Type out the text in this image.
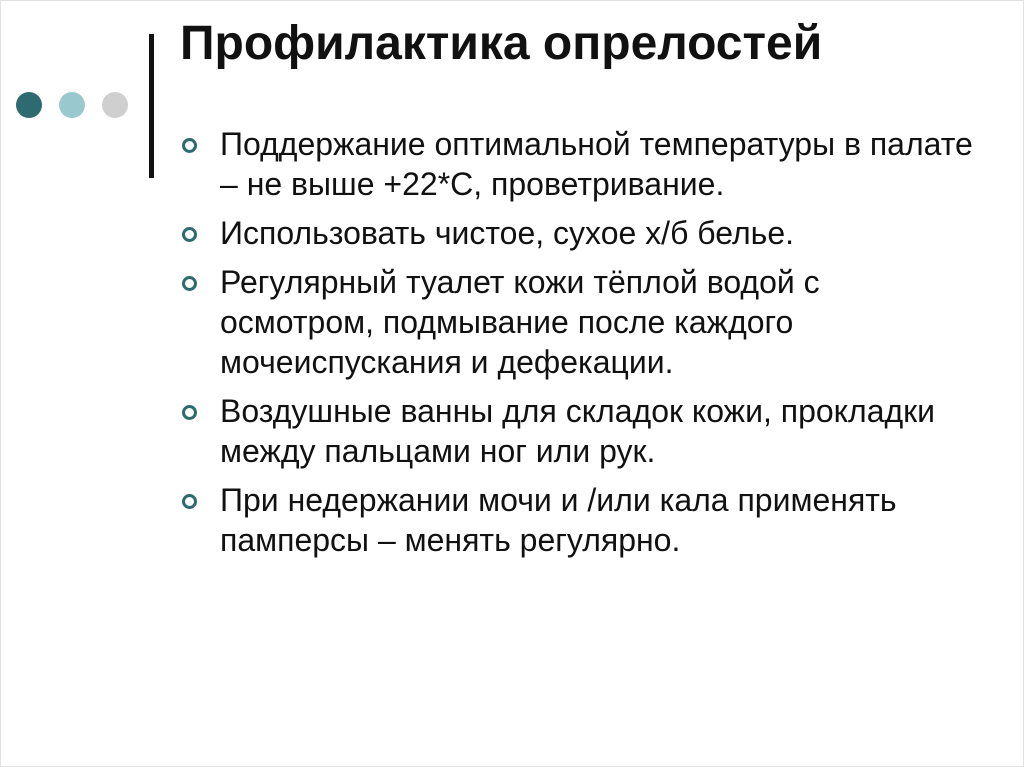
Профилактика опрелостей
Поддержание оптимальной температуры в палате – не выше +22*С, проветривание.
Использовать чистое, сухое х/б белье.
Регулярный туалет кожи тёплой водой с осмотром, подмывание после каждого мочеиспускания и дефекации.
Воздушные ванны для складок кожи, прокладки между пальцами ног или рук.
При недержании мочи и /или кала применять памперсы – менять регулярно.
